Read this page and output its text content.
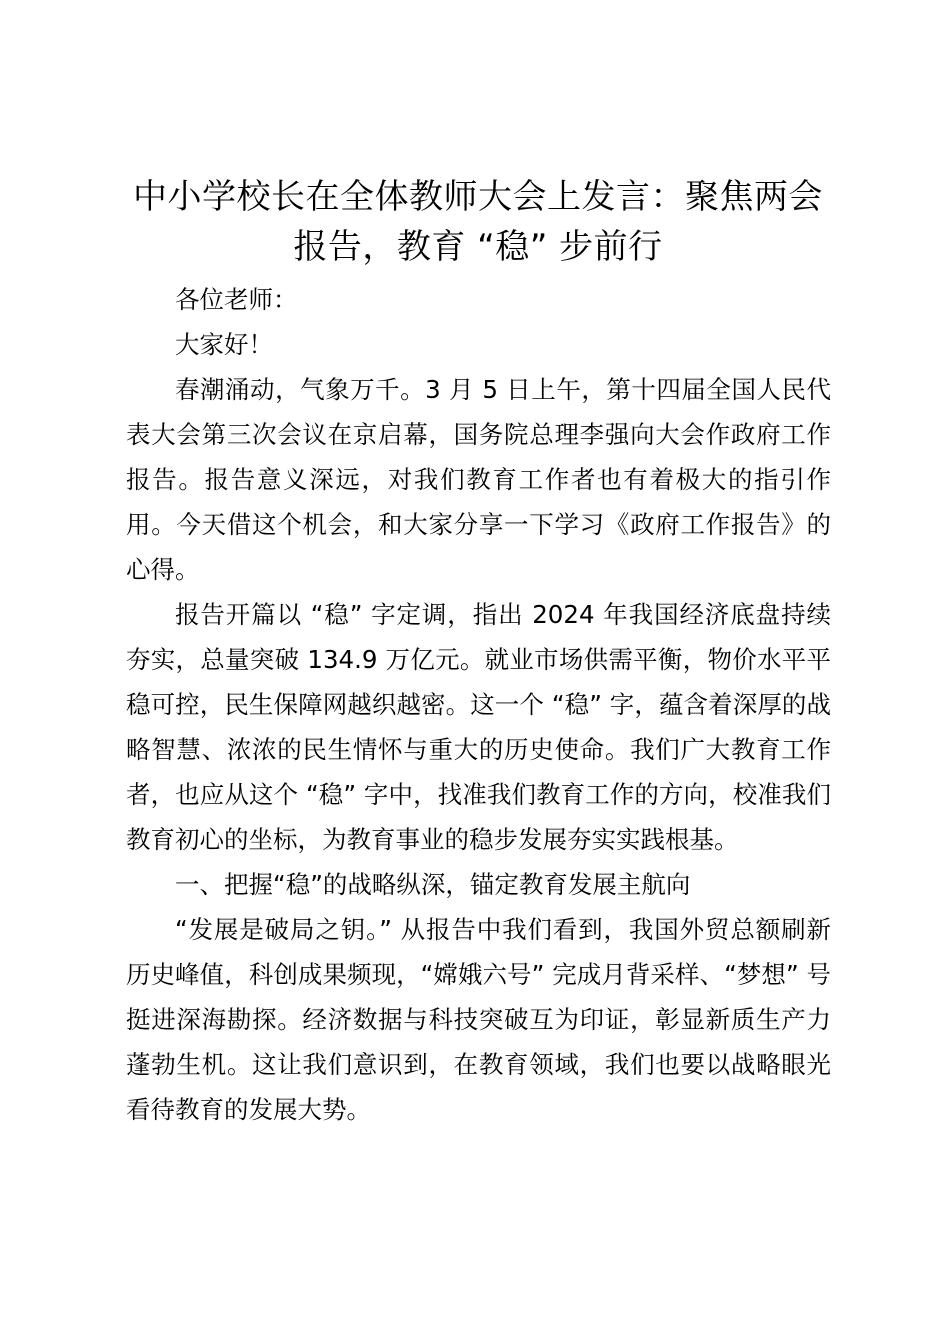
中小学校长在全体教师大会上发言：聚焦两会报告，教育 “稳” 步前行

各位老师：

大家好！

春潮涌动，气象万千。3 月 5 日上午，第十四届全国人民代表大会第三次会议在京启幕，国务院总理李强向大会作政府工作报告。报告意义深远，对我们教育工作者也有着极大的指引作用。今天借这个机会，和大家分享一下学习《政府工作报告》的心得。

报告开篇以 “稳” 字定调，指出 2024 年我国经济底盘持续夯实，总量突破 134.9 万亿元。就业市场供需平衡，物价水平平稳可控，民生保障网越织越密。这一个 “稳” 字，蕴含着深厚的战略智慧、浓浓的民生情怀与重大的历史使命。我们广大教育工作者，也应从这个 “稳” 字中，找准我们教育工作的方向，校准我们教育初心的坐标，为教育事业的稳步发展夯实实践根基。

一、把握“稳”的战略纵深，锚定教育发展主航向

“发展是破局之钥。” 从报告中我们看到，我国外贸总额刷新历史峰值，科创成果频现，“嫦娥六号” 完成月背采样、“梦想” 号挺进深海勘探。经济数据与科技突破互为印证，彰显新质生产力蓬勃生机。这让我们意识到，在教育领域，我们也要以战略眼光看待教育的发展大势。
